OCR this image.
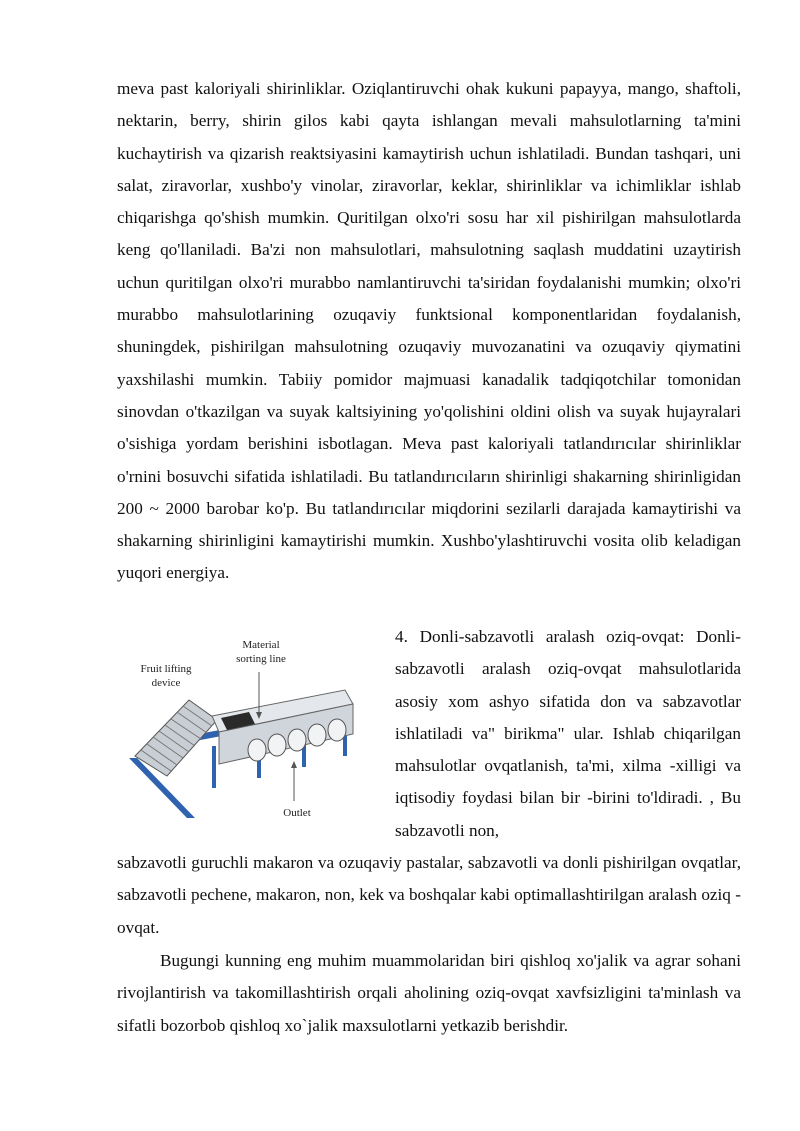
meva past kaloriyali shirinliklar. Oziqlantiruvchi ohak kukuni papayya, mango, shaftoli, nektarin, berry, shirin gilos kabi qayta ishlangan mevali mahsulotlarning ta'mini kuchaytirish va qizarish reaktsiyasini kamaytirish uchun ishlatiladi. Bundan tashqari, uni salat, ziravorlar, xushbo'y vinolar, ziravorlar, keklar, shirinliklar va ichimliklar ishlab chiqarishga qo'shish mumkin. Quritilgan olxo'ri sosu har xil pishirilgan mahsulotlarda keng qo'llaniladi. Ba'zi non mahsulotlari, mahsulotning saqlash muddatini uzaytirish uchun quritilgan olxo'ri murabbo namlantiruvchi ta'siridan foydalanishi mumkin; olxo'ri murabbo mahsulotlarining ozuqaviy funktsional komponentlaridan foydalanish, shuningdek, pishirilgan mahsulotning ozuqaviy muvozanatini va ozuqaviy qiymatini yaxshilashi mumkin. Tabiiy pomidor majmuasi kanadalik tadqiqotchilar tomonidan sinovdan o'tkazilgan va suyak kaltsiyining yo'qolishini oldini olish va suyak hujayralari o'sishiga yordam berishini isbotlagan. Meva past kaloriyali tatlandırıcılar shirinliklar o'rnini bosuvchi sifatida ishlatiladi. Bu tatlandırıcıların shirinligi shakarning shirinligidan 200 ~ 2000 barobar ko'p. Bu tatlandırıcılar miqdorini sezilarli darajada kamaytirishi va shakarning shirinligini kamaytirishi mumkin. Xushbo'ylashtiruvchi vosita olib keladigan yuqori energiya.

Fruit lifting
device
Material
sorting line
Outlet

4. Donli-sabzavotli aralash oziq-ovqat: Donli-sabzavotli aralash oziq-ovqat mahsulotlarida asosiy xom ashyo sifatida don va sabzavotlar ishlatiladi va" birikma" ular. Ishlab chiqarilgan mahsulotlar ovqatlanish, ta'mi, xilma -xilligi va iqtisodiy foydasi bilan bir -birini to'ldiradi. , Bu sabzavotli non,

sabzavotli guruchli makaron va ozuqaviy pastalar, sabzavotli va donli pishirilgan ovqatlar, sabzavotli pechene, makaron, non, kek va boshqalar kabi optimallashtirilgan aralash oziq -ovqat.

Bugungi kunning eng muhim muammolaridan biri qishloq xo'jalik va agrar sohani rivojlantirish va takomillashtirish orqali aholining oziq-ovqat xavfsizligini ta'minlash va sifatli bozorbob qishloq xo`jalik maxsulotlarni yetkazib berishdir.
